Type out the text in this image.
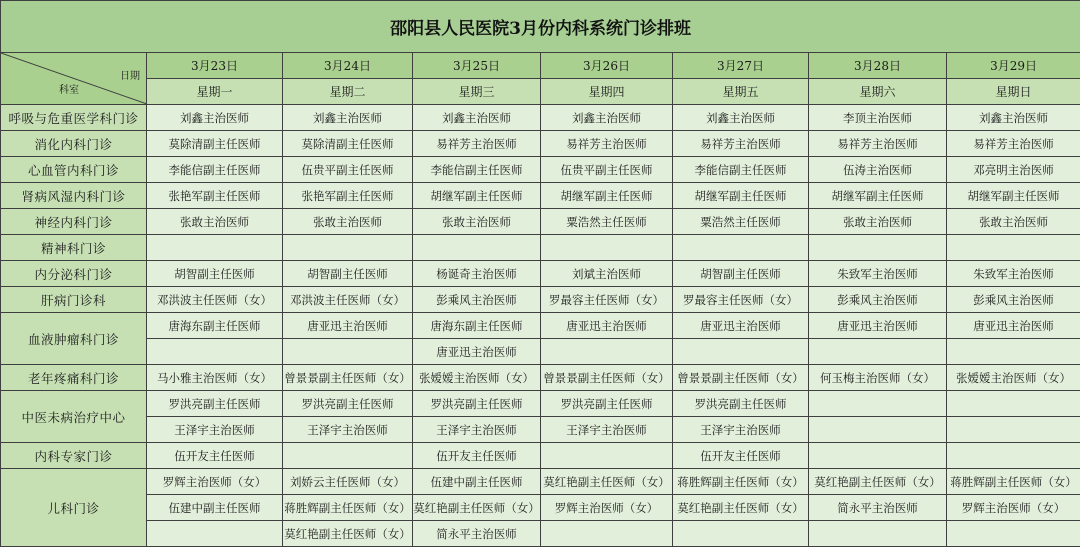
邵阳县人民医院3月份内科系统门诊排班							

日期
科室	3月23日	3月24日	3月25日	3月26日	3月27日	3月28日	3月29日
	星期一	星期二	星期三	星期四	星期五	星期六	星期日
呼吸与危重医学科门诊	刘鑫主治医师	刘鑫主治医师	刘鑫主治医师	刘鑫主治医师	刘鑫主治医师	李顶主治医师	刘鑫主治医师
消化内科门诊	莫除清副主任医师	莫除清副主任医师	易祥芳主治医师	易祥芳主治医师	易祥芳主治医师	易祥芳主治医师	易祥芳主治医师
心血管内科门诊	李能信副主任医师	伍贵平副主任医师	李能信副主任医师	伍贵平副主任医师	李能信副主任医师	伍涛主治医师	邓亮明主治医师
肾病风湿内科门诊	张艳军副主任医师	张艳军副主任医师	胡继军副主任医师	胡继军副主任医师	胡继军副主任医师	胡继军副主任医师	胡继军副主任医师
神经内科门诊	张敢主治医师	张敢主治医师	张敢主治医师	粟浩然主任医师	粟浩然主任医师	张敢主治医师	张敢主治医师
精神科门诊							
内分泌科门诊	胡智副主任医师	胡智副主任医师	杨诞奇主治医师	刘斌主治医师	胡智副主任医师	朱致军主治医师	朱致军主治医师
肝病门诊科	邓洪波主任医师（女）	邓洪波主任医师（女）	彭乘风主治医师	罗最容主任医师（女）	罗最容主任医师（女）	彭乘风主治医师	彭乘风主治医师
血液肿瘤科门诊	唐海东副主任医师	唐亚迅主治医师	唐海东副主任医师	唐亚迅主治医师	唐亚迅主治医师	唐亚迅主治医师	唐亚迅主治医师
			唐亚迅主治医师				
老年疼痛科门诊	马小雅主治医师（女）	曾景景副主任医师（女）	张嫒嫒主治医师（女）	曾景景副主任医师（女）	曾景景副主任医师（女）	何玉梅主治医师（女）	张嫒嫒主治医师（女）
中医未病治疗中心	罗洪亮副主任医师	罗洪亮副主任医师	罗洪亮副主任医师	罗洪亮副主任医师	罗洪亮副主任医师		
	王泽宇主治医师	王泽宇主治医师	王泽宇主治医师	王泽宇主治医师	王泽宇主治医师		
内科专家门诊	伍开友主任医师		伍开友主任医师		伍开友主任医师		
儿科门诊	罗辉主治医师（女）	刘娇云主任医师（女）	伍建中副主任医师	莫红艳副主任医师（女）	蒋胜辉副主任医师（女）	莫红艳副主任医师（女）	蒋胜辉副主任医师（女）
	伍建中副主任医师	蒋胜辉副主任医师（女）	莫红艳副主任医师（女）	罗辉主治医师（女）	莫红艳副主任医师（女）	简永平主治医师	罗辉主治医师（女）
		莫红艳副主任医师（女）	简永平主治医师				
